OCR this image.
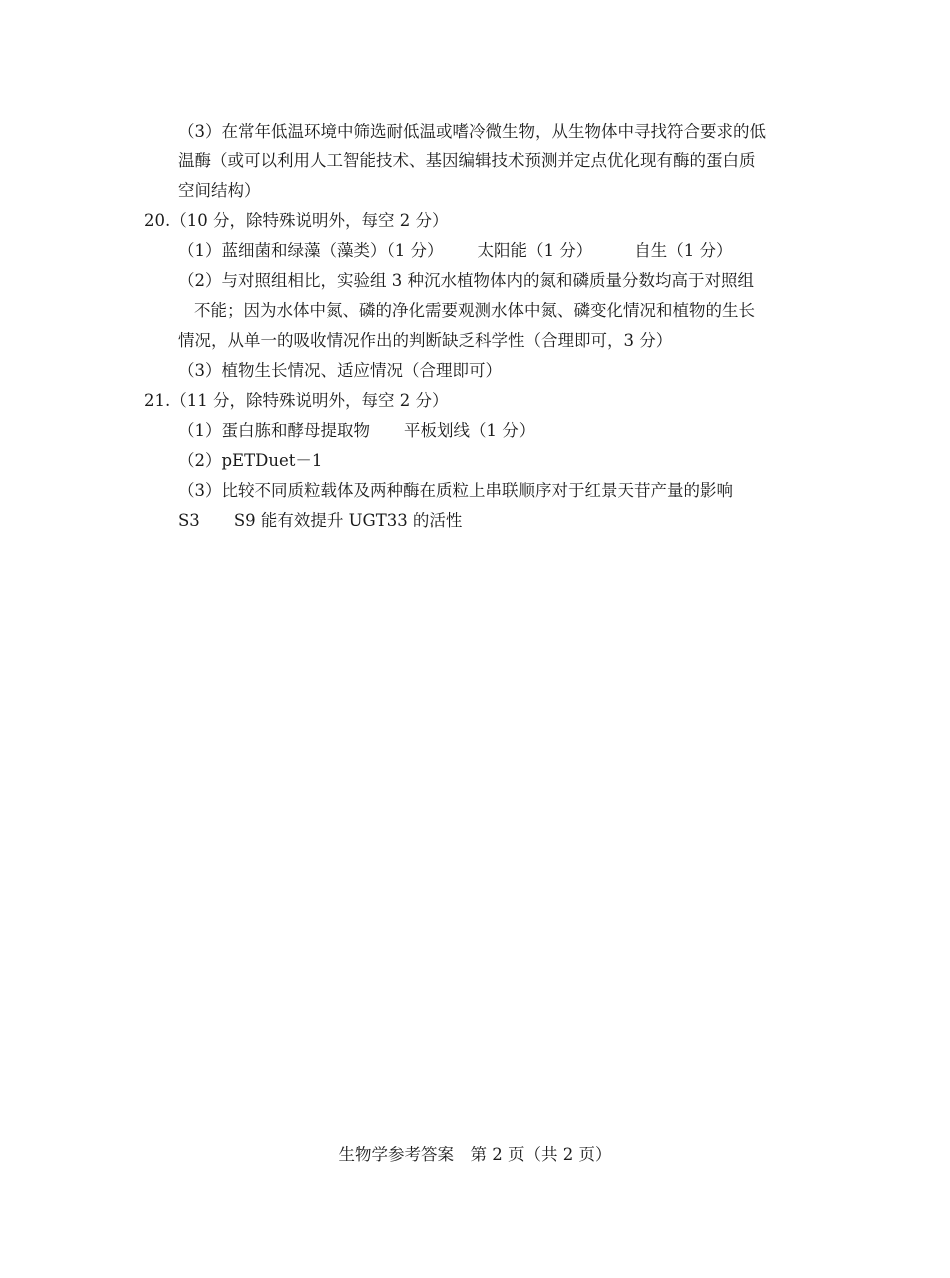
（3）在常年低温环境中筛选耐低温或嗜冷微生物，从生物体中寻找符合要求的低
温酶（或可以利用人工智能技术、基因编辑技术预测并定点优化现有酶的蛋白质
空间结构）
20.（10 分，除特殊说明外，每空 2 分）
（1）蓝细菌和绿藻（藻类）（1 分） 太阳能（1 分）	自生（1 分）
（2）与对照组相比，实验组 3 种沉水植物体内的氮和磷质量分数均高于对照组
不能；因为水体中氮、磷的净化需要观测水体中氮、磷变化情况和植物的生长
情况，从单一的吸收情况作出的判断缺乏科学性（合理即可，3 分）
（3）植物生长情况、适应情况（合理即可）
21.（11 分，除特殊说明外，每空 2 分）
（1）蛋白胨和酵母提取物 平板划线（1 分）
（2）pETDuet－1
（3）比较不同质粒载体及两种酶在质粒上串联顺序对于红景天苷产量的影响
S3 S9 能有效提升 UGT33 的活性
生物学参考答案　第 2 页（共 2 页）
